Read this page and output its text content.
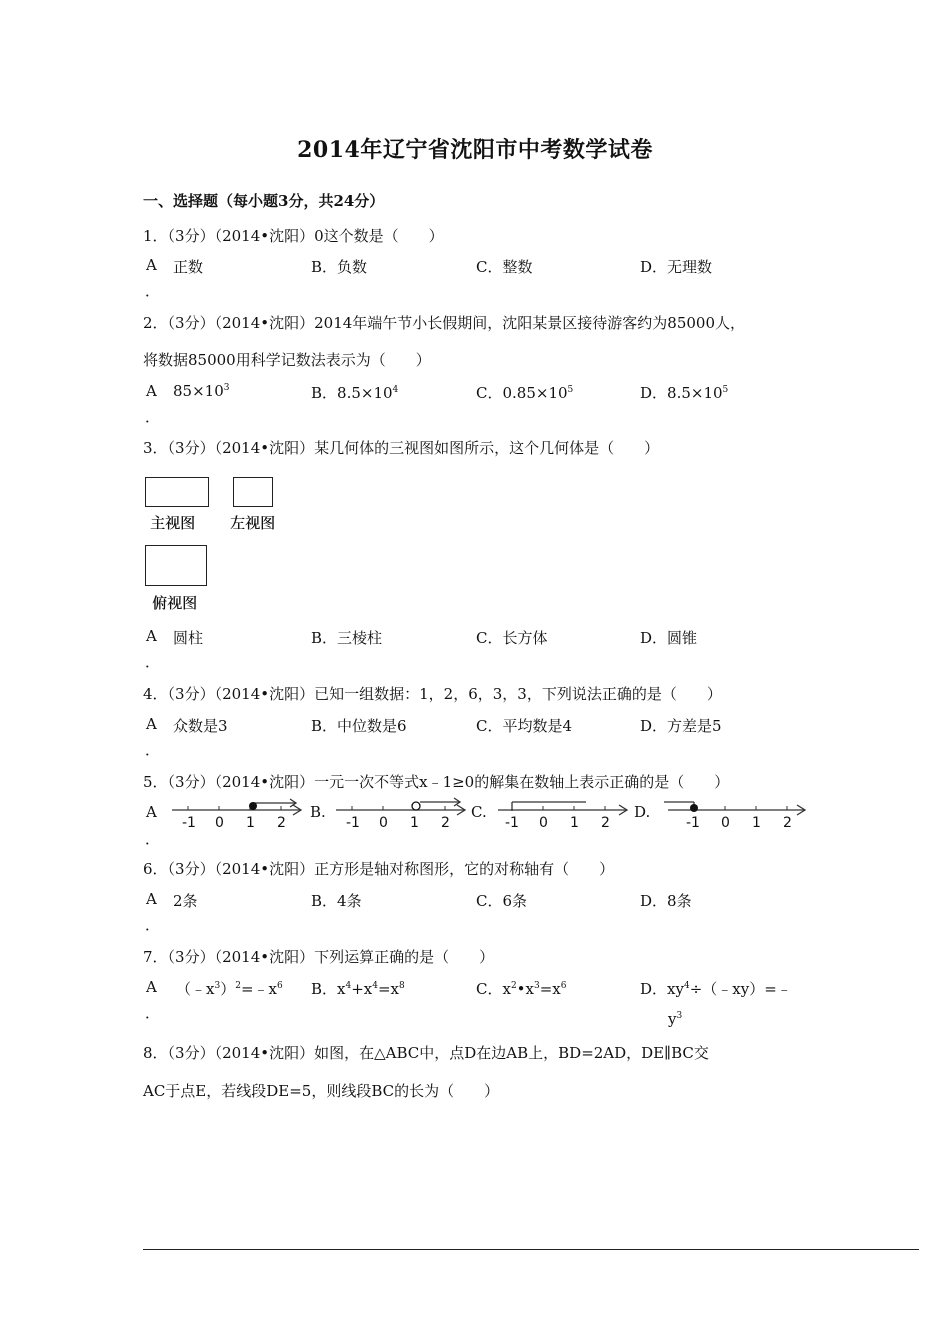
2014年辽宁省沈阳市中考数学试卷
一、选择题（每小题3分，共24分）
1．（3分）（2014•沈阳）0这个数是（　　）
A 正数	B．负数	C．整数	D．无理数
．
2．（3分）（2014•沈阳）2014年端午节小长假期间，沈阳某景区接待游客约为85000人，
将数据85000用科学记数法表示为（　　）
A $85\times 10^3$	B．$8.5\times 10^4$	C．$0.85\times 10^5$	D．$8.5\times 10^5$
．
3．（3分）（2014•沈阳）某几何体的三视图如图所示，这个几何体是（　　）
主视图 左视图
俯视图
A 圆柱	B．三棱柱	C．长方体	D．圆锥
．
4．（3分）（2014•沈阳）已知一组数据：1，2，6，3，3，下列说法正确的是（　　）
A 众数是3	B．中位数是6	C．平均数是4	D．方差是5
．
5．（3分）（2014•沈阳）一元一次不等式x﹣1≥0的解集在数轴上表示正确的是（　　）
A	B.	C.	D.
．
-1 0 1 2	-1 0 1 2	-1 0 1 2	-1 0 1 2
6．（3分）（2014•沈阳）正方形是轴对称图形，它的对称轴有（　　）
A 2条	B．4条	C．6条	D．8条
．
7．（3分）（2014•沈阳）下列运算正确的是（　　）
A $(﹣x^3)^2=﹣x^6$ B．$x^4+x^4=x^8$	C．$x^2•x^3=x^6$	D．$xy^4\div(﹣xy)=﹣$
$y^3$
．
8．（3分）（2014•沈阳）如图，在△ABC中，点D在边AB上，BD=2AD，DE∥BC交
AC于点E，若线段DE=5，则线段BC的长为（　　）
